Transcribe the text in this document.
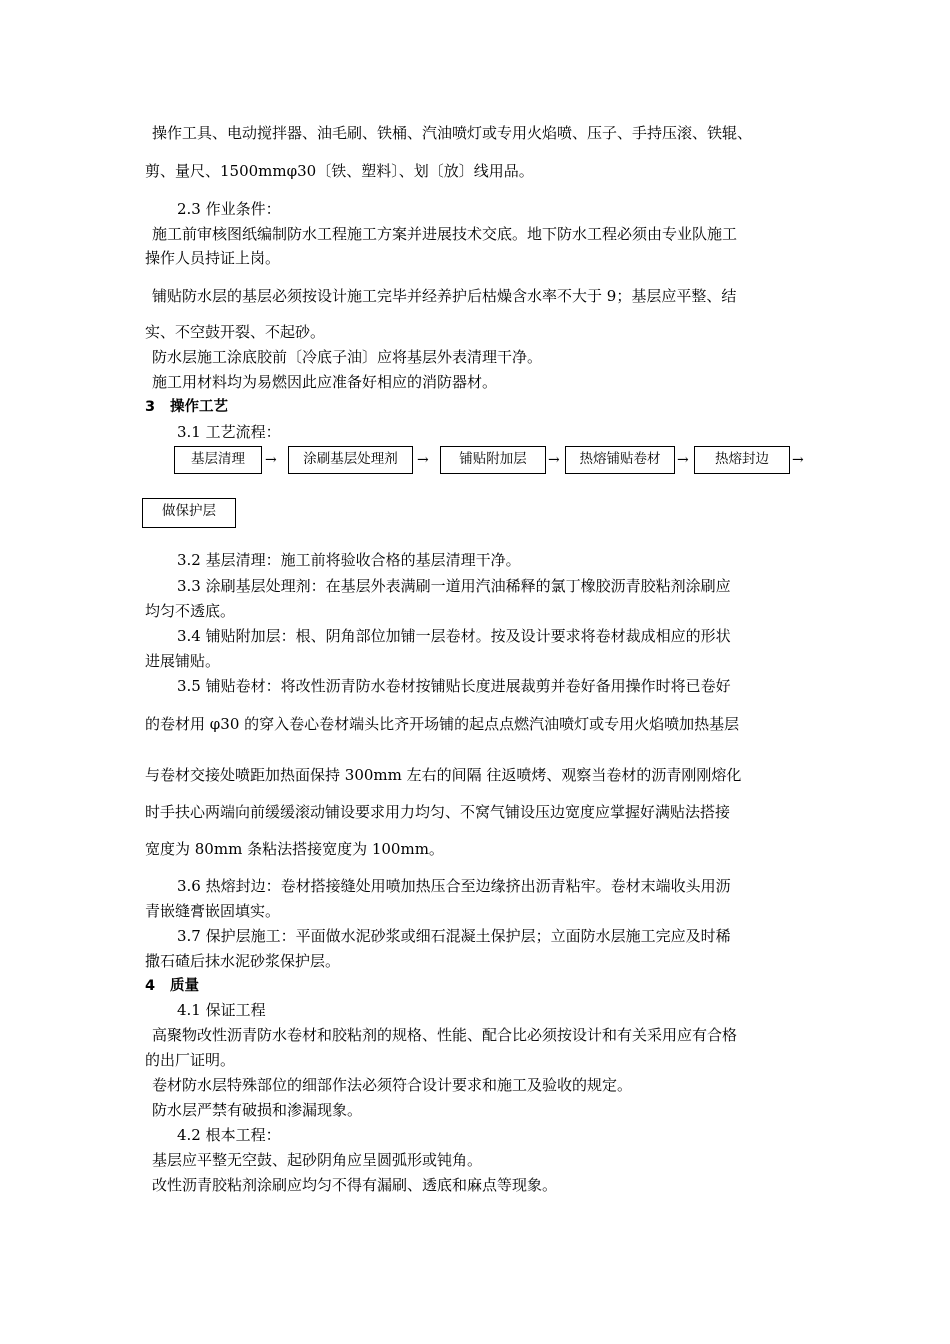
操作工具、电动搅拌器、油毛刷、铁桶、汽油喷灯或专用火焰喷、压子、手持压滚、铁辊、
剪、量尺、1500mmφ30〔铁、塑料〕、划〔放〕线用品。
2.3 作业条件：
施工前审核图纸编制防水工程施工方案并进展技术交底。地下防水工程必须由专业队施工
操作人员持证上岗。
铺贴防水层的基层必须按设计施工完毕并经养护后枯燥含水率不大于 9；基层应平整、结
实、不空鼓开裂、不起砂。
防水层施工涂底胶前〔冷底子油〕应将基层外表清理干净。
施工用材料均为易燃因此应准备好相应的消防器材。
3 操作工艺
3.1 工艺流程：
基层清理	→	涂刷基层处理剂	→	铺贴附加层	→	热熔铺贴卷材	→	热熔封边	→
做保护层
3.2 基层清理：施工前将验收合格的基层清理干净。
3.3 涂刷基层处理剂：在基层外表满刷一道用汽油稀释的氯丁橡胶沥青胶粘剂涂刷应
均匀不透底。
3.4 铺贴附加层：根、阴角部位加铺一层卷材。按及设计要求将卷材裁成相应的形状
进展铺贴。
3.5 铺贴卷材：将改性沥青防水卷材按铺贴长度进展裁剪并卷好备用操作时将已卷好
的卷材用 φ30 的穿入卷心卷材端头比齐开场铺的起点点燃汽油喷灯或专用火焰喷加热基层
与卷材交接处喷距加热面保持 300mm 左右的间隔 往返喷烤、观察当卷材的沥青刚刚熔化
时手扶心两端向前缓缓滚动铺设要求用力均匀、不窝气铺设压边宽度应掌握好满贴法搭接
宽度为 80mm 条粘法搭接宽度为 100mm。
3.6 热熔封边：卷材搭接缝处用喷加热压合至边缘挤出沥青粘牢。卷材末端收头用沥
青嵌缝膏嵌固填实。
3.7 保护层施工：平面做水泥砂浆或细石混凝土保护层；立面防水层施工完应及时稀
撒石碴后抹水泥砂浆保护层。
4 质量
4.1 保证工程
高聚物改性沥青防水卷材和胶粘剂的规格、性能、配合比必须按设计和有关采用应有合格
的出厂证明。
卷材防水层特殊部位的细部作法必须符合设计要求和施工及验收的规定。
防水层严禁有破损和渗漏现象。
4.2 根本工程：
基层应平整无空鼓、起砂阴角应呈圆弧形或钝角。
改性沥青胶粘剂涂刷应均匀不得有漏刷、透底和麻点等现象。
